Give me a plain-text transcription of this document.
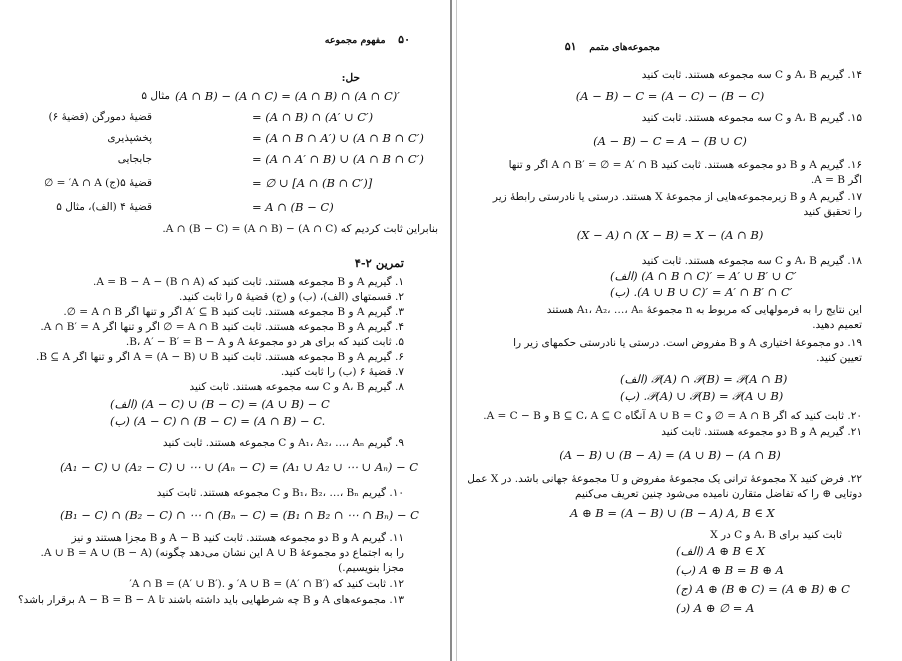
۵۰  مفهوم مجموعه
حل:
(A ∩ B) − (A ∩ C) = (A ∩ B) ∩ (A ∩ C)′
مثال ۵
= (A ∩ B) ∩ (A′ ∪ C′)
قضیهٔ دمورگن (قضیهٔ ۶)
= (A ∩ B ∩ A′) ∪ (A ∩ B ∩ C′)
پخشپذیری
= (A ∩ A′ ∩ B) ∪ (A ∩ B ∩ C′)
جابجایی
= ∅ ∪ [A ∩ (B ∩ C′)]
قضیهٔ ۵(ج) A ∩ A′ = ∅
= A ∩ (B − C)
قضیهٔ ۴ (الف)، مثال ۵
بنابراین ثابت کردیم که A ∩ (B − C) = (A ∩ B) − (A ∩ C).
تمرین ۲-۴
۱. گیریم A و B مجموعه هستند. ثابت کنید که (B ∩ A) − A = B − A.
۲. قسمتهای (الف)، (ب) و (ج) قضیهٔ ۵ را ثابت کنید.
۳. گیریم A و B مجموعه هستند. ثابت کنید A′ ⊆ B اگر و تنها اگر A ∩ B = ∅.
۴. گیریم A و B مجموعه هستند. ثابت کنید A ∩ B = ∅ اگر و تنها اگر A ∩ B′ = A.
۵. ثابت کنید که برای هر دو مجموعهٔ A و B، A′ − B′ = B − A.
۶. گیریم A و B مجموعه هستند. ثابت کنید A = (A − B) ∪ B اگر و تنها اگر B ⊆ A.
۷. قضیهٔ ۶ (ب) را ثابت کنید.
۸. گیریم A، B و C سه مجموعه هستند. ثابت کنید
(الف) (A − C) ∪ (B − C) = (A ∪ B) − C
(ب) (A − C) ∩ (B − C) = (A ∩ B) − C.
۹. گیریم A₁، A₂، …، Aₙ و C مجموعه هستند. ثابت کنید
(A₁ − C) ∪ (A₂ − C) ∪ ⋯ ∪ (Aₙ − C) = (A₁ ∪ A₂ ∪ ⋯ ∪ Aₙ) − C
۱۰. گیریم B₁، B₂، …، Bₙ و C مجموعه هستند. ثابت کنید
(B₁ − C) ∩ (B₂ − C) ∩ ⋯ ∩ (Bₙ − C) = (B₁ ∩ B₂ ∩ ⋯ ∩ Bₙ) − C
۱۱. گیریم A و B دو مجموعه هستند. ثابت کنید A − B و B مجزا هستند و نیز
.A ∪ B = A ∪ (B − A) (این نشان می‌دهد چگونه A ∪ B را به اجتماع دو مجموعهٔ
مجزا بنویسیم.)
۱۲. ثابت کنید که A ∪ B = (A′ ∩ B′)′ و .A ∩ B = (A′ ∪ B′)′
۱۳. مجموعه‌های A و B چه شرطهایی باید داشته باشند تا A − B = B − A برقرار باشد؟
مجموعه‌های متمم  ۵۱
۱۴. گیریم A، B و C سه مجموعه هستند. ثابت کنید
(A − B) − C = (A − C) − (B − C)
۱۵. گیریم A، B و C سه مجموعه هستند. ثابت کنید
(A − B) − C = A − (B ∪ C)
۱۶. گیریم A و B دو مجموعه هستند. ثابت کنید A ∩ B′ = ∅ = A′ ∩ B اگر و تنها
اگر A = B.
۱۷. گیریم A و B زیرمجموعه‌هایی از مجموعهٔ X هستند. درستی یا نادرستی رابطهٔ زیر
را تحقیق کنید
(X − A) ∩ (X − B) = X − (A ∩ B)
۱۸. گیریم A، B و C سه مجموعه هستند. ثابت کنید
(الف) (A ∩ B ∩ C)′ = A′ ∪ B′ ∪ C′
(ب) .(A ∪ B ∪ C)′ = A′ ∩ B′ ∩ C′
این نتایج را به فرمولهایی که مربوط به n مجموعهٔ A₁، A₂، …، Aₙ هستند
تعمیم دهید.
۱۹. دو مجموعهٔ اختیاری A و B مفروض است. درستی یا نادرستی حکمهای زیر را
تعیین کنید.
(الف) 𝒫(A) ∩ 𝒫(B) = 𝒫(A ∩ B)
(ب) .𝒫(A) ∪ 𝒫(B) = 𝒫(A ∪ B)
۲۰. ثابت کنید که اگر A ∩ B = ∅ و A ∪ B = C آنگاه B ⊆ C، A ⊆ C و A = C − B.
۲۱. گیریم A و B دو مجموعه هستند. ثابت کنید
(A − B) ∪ (B − A) = (A ∪ B) − (A ∩ B)
۲۲. فرض کنید X مجموعهٔ ترانی یک مجموعهٔ مفروض و U مجموعهٔ جهانی باشد. در X عمل
دوتایی ⊕ را که تفاضل متقارن نامیده می‌شود چنین تعریف می‌کنیم
A ⊕ B = (A − B) ∪ (B − A) A, B ∈ X
ثابت کنید برای A، B و C در X
(الف) A ⊕ B ∈ X
(ب) A ⊕ B = B ⊕ A
(ج) A ⊕ (B ⊕ C) = (A ⊕ B) ⊕ C
(د) A ⊕ ∅ = A
